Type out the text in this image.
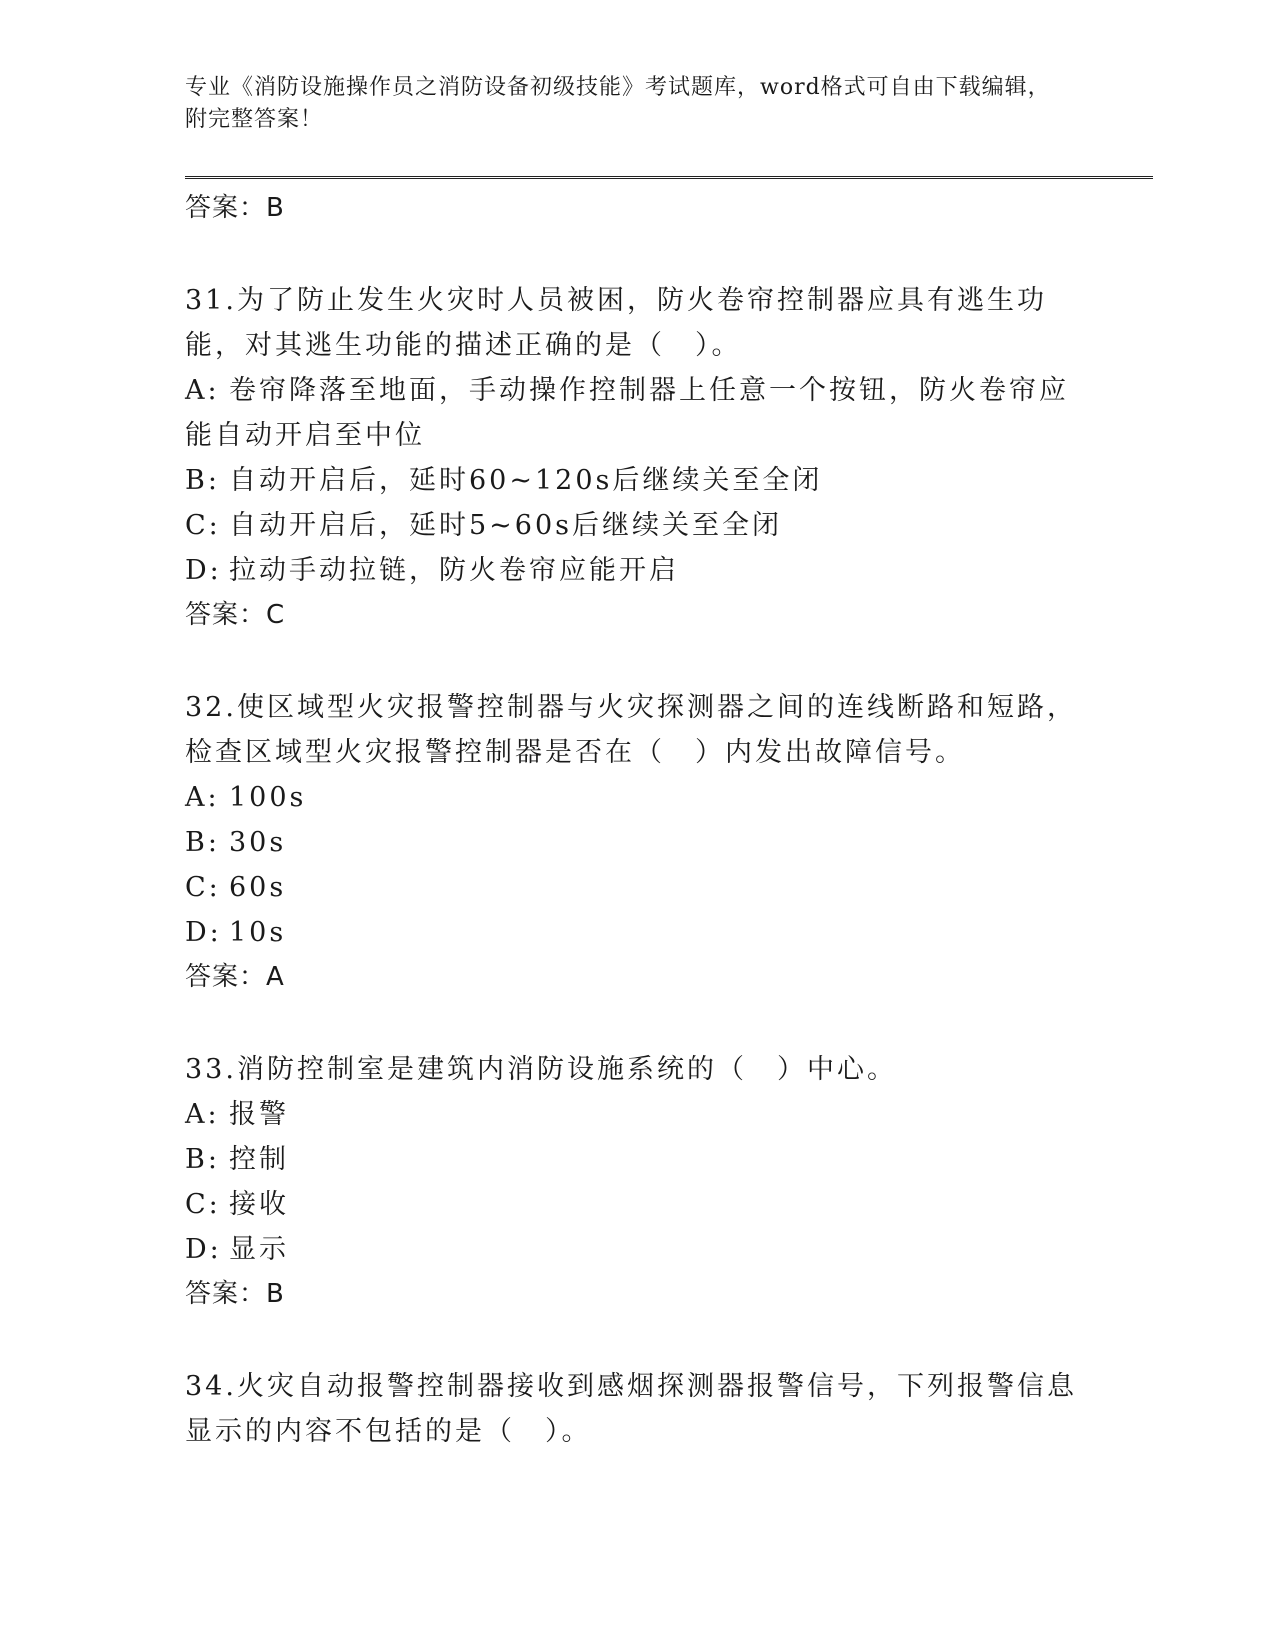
专业《消防设施操作员之消防设备初级技能》考试题库，word格式可自由下载编辑，附完整答案！
答案：B
31.为了防止发生火灾时人员被困，防火卷帘控制器应具有逃生功能，对其逃生功能的描述正确的是（　）。
A: 卷帘降落至地面，手动操作控制器上任意一个按钮，防火卷帘应能自动开启至中位
B: 自动开启后，延时60~120s后继续关至全闭
C: 自动开启后，延时5~60s后继续关至全闭
D: 拉动手动拉链，防火卷帘应能开启
答案：C
32.使区域型火灾报警控制器与火灾探测器之间的连线断路和短路，检查区域型火灾报警控制器是否在（　）内发出故障信号。
A: 100s
B: 30s
C: 60s
D: 10s
答案：A
33.消防控制室是建筑内消防设施系统的（　）中心。
A: 报警
B: 控制
C: 接收
D: 显示
答案：B
34.火灾自动报警控制器接收到感烟探测器报警信号，下列报警信息显示的内容不包括的是（　）。
